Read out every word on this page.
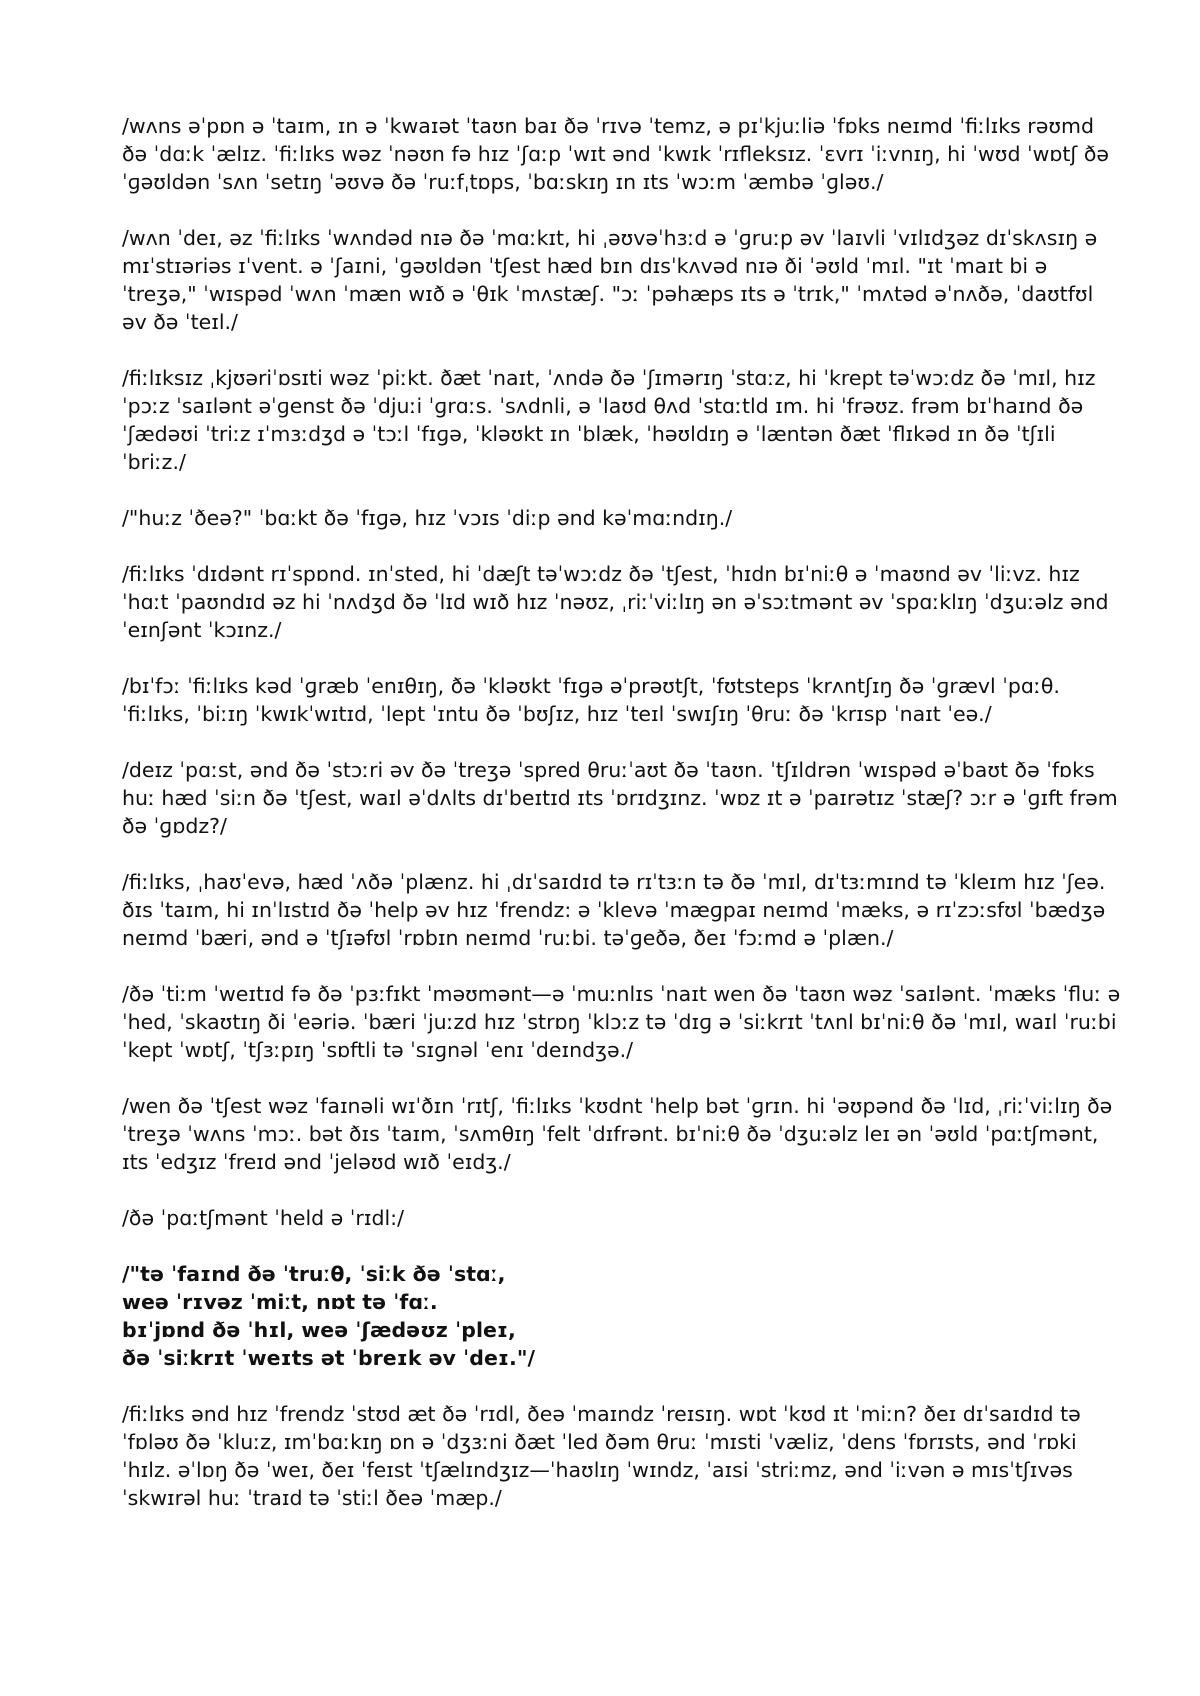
/wʌns əˈpɒn ə ˈtaɪm, ɪn ə ˈkwaɪət ˈtaʊn baɪ ðə ˈrɪvə ˈtemz, ə pɪˈkjuːliə ˈfɒks neɪmd ˈfiːlɪks rəʊmd ðə ˈdɑːk ˈælɪz. ˈfiːlɪks wəz ˈnəʊn fə hɪz ˈʃɑːp ˈwɪt ənd ˈkwɪk ˈrɪfleksɪz. ˈɛvrɪ ˈiːvnɪŋ, hi ˈwʊd ˈwɒtʃ ðə ˈɡəʊldən ˈsʌn ˈsetɪŋ ˈəʊvə ðə ˈruːfˌtɒps, ˈbɑːskɪŋ ɪn ɪts ˈwɔːm ˈæmbə ˈɡləʊ./

/wʌn ˈdeɪ, əz ˈfiːlɪks ˈwʌndəd nɪə ðə ˈmɑːkɪt, hi ˌəʊvəˈhɜːd ə ˈɡruːp əv ˈlaɪvli ˈvɪlɪdʒəz dɪˈskʌsɪŋ ə mɪˈstɪəriəs ɪˈvent. ə ˈʃaɪni, ˈɡəʊldən ˈtʃest hæd bɪn dɪsˈkʌvəd nɪə ði ˈəʊld ˈmɪl. "ɪt ˈmaɪt bi ə ˈtreʒə," ˈwɪspəd ˈwʌn ˈmæn wɪð ə ˈθɪk ˈmʌstæʃ. "ɔː ˈpəhæps ɪts ə ˈtrɪk," ˈmʌtəd əˈnʌðə, ˈdaʊtfʊl əv ðə ˈteɪl./

/fiːlɪksɪz ˌkjʊəriˈɒsɪti wəz ˈpiːkt. ðæt ˈnaɪt, ˈʌndə ðə ˈʃɪmərɪŋ ˈstɑːz, hi ˈkrept təˈwɔːdz ðə ˈmɪl, hɪz ˈpɔːz ˈsaɪlənt əˈɡenst ðə ˈdjuːi ˈɡrɑːs. ˈsʌdnli, ə ˈlaʊd θʌd ˈstɑːtld ɪm. hi ˈfrəʊz. frəm bɪˈhaɪnd ðə ˈʃædəʊi ˈtriːz ɪˈmɜːdʒd ə ˈtɔːl ˈfɪɡə, ˈkləʊkt ɪn ˈblæk, ˈhəʊldɪŋ ə ˈlæntən ðæt ˈflɪkəd ɪn ðə ˈtʃɪli ˈbriːz./

/"huːz ˈðeə?" ˈbɑːkt ðə ˈfɪɡə, hɪz ˈvɔɪs ˈdiːp ənd kəˈmɑːndɪŋ./

/fiːlɪks ˈdɪdənt rɪˈspɒnd. ɪnˈsted, hi ˈdæʃt təˈwɔːdz ðə ˈtʃest, ˈhɪdn bɪˈniːθ ə ˈmaʊnd əv ˈliːvz. hɪz ˈhɑːt ˈpaʊndɪd əz hi ˈnʌdʒd ðə ˈlɪd wɪð hɪz ˈnəʊz, ˌriːˈviːlɪŋ ən əˈsɔːtmənt əv ˈspɑːklɪŋ ˈdʒuːəlz ənd ˈeɪnʃənt ˈkɔɪnz./

/bɪˈfɔː ˈfiːlɪks kəd ˈɡræb ˈenɪθɪŋ, ðə ˈkləʊkt ˈfɪɡə əˈprəʊtʃt, ˈfʊtsteps ˈkrʌntʃɪŋ ðə ˈɡrævl ˈpɑːθ. ˈfiːlɪks, ˈbiːɪŋ ˈkwɪkˈwɪtɪd, ˈlept ˈɪntu ðə ˈbʊʃɪz, hɪz ˈteɪl ˈswɪʃɪŋ ˈθruː ðə ˈkrɪsp ˈnaɪt ˈeə./

/deɪz ˈpɑːst, ənd ðə ˈstɔːri əv ðə ˈtreʒə ˈspred θruːˈaʊt ðə ˈtaʊn. ˈtʃɪldrən ˈwɪspəd əˈbaʊt ðə ˈfɒks huː hæd ˈsiːn ðə ˈtʃest, waɪl əˈdʌlts dɪˈbeɪtɪd ɪts ˈɒrɪdʒɪnz. ˈwɒz ɪt ə ˈpaɪrətɪz ˈstæʃ? ɔːr ə ˈɡɪft frəm ðə ˈɡɒdz?/

/fiːlɪks, ˌhaʊˈevə, hæd ˈʌðə ˈplænz. hi ˌdɪˈsaɪdɪd tə rɪˈtɜːn tə ðə ˈmɪl, dɪˈtɜːmɪnd tə ˈkleɪm hɪz ˈʃeə. ðɪs ˈtaɪm, hi ɪnˈlɪstɪd ðə ˈhelp əv hɪz ˈfrendz: ə ˈklevə ˈmæɡpaɪ neɪmd ˈmæks, ə rɪˈzɔːsfʊl ˈbædʒə neɪmd ˈbæri, ənd ə ˈtʃɪəfʊl ˈrɒbɪn neɪmd ˈruːbi. təˈɡeðə, ðeɪ ˈfɔːmd ə ˈplæn./

/ðə ˈtiːm ˈweɪtɪd fə ðə ˈpɜːfɪkt ˈməʊmənt—ə ˈmuːnlɪs ˈnaɪt wen ðə ˈtaʊn wəz ˈsaɪlənt. ˈmæks ˈfluː əˈhed, ˈskaʊtɪŋ ði ˈeəriə. ˈbæri ˈjuːzd hɪz ˈstrɒŋ ˈklɔːz tə ˈdɪɡ ə ˈsiːkrɪt ˈtʌnl bɪˈniːθ ðə ˈmɪl, waɪl ˈruːbi ˈkept ˈwɒtʃ, ˈtʃɜːpɪŋ ˈsɒftli tə ˈsɪɡnəl ˈenɪ ˈdeɪndʒə./

/wen ðə ˈtʃest wəz ˈfaɪnəli wɪˈðɪn ˈrɪtʃ, ˈfiːlɪks ˈkʊdnt ˈhelp bət ˈɡrɪn. hi ˈəʊpənd ðə ˈlɪd, ˌriːˈviːlɪŋ ðə ˈtreʒə ˈwʌns ˈmɔː. bət ðɪs ˈtaɪm, ˈsʌmθɪŋ ˈfelt ˈdɪfrənt. bɪˈniːθ ðə ˈdʒuːəlz leɪ ən ˈəʊld ˈpɑːtʃmənt, ɪts ˈedʒɪz ˈfreɪd ənd ˈjeləʊd wɪð ˈeɪdʒ./

/ðə ˈpɑːtʃmənt ˈheld ə ˈrɪdl:/

/"tə ˈfaɪnd ðə ˈtruːθ, ˈsiːk ðə ˈstɑː,
weə ˈrɪvəz ˈmiːt, nɒt tə ˈfɑː.
bɪˈjɒnd ðə ˈhɪl, weə ˈʃædəʊz ˈpleɪ,
ðə ˈsiːkrɪt ˈweɪts ət ˈbreɪk əv ˈdeɪ."/

/fiːlɪks ənd hɪz ˈfrendz ˈstʊd æt ðə ˈrɪdl, ðeə ˈmaɪndz ˈreɪsɪŋ. wɒt ˈkʊd ɪt ˈmiːn? ðeɪ dɪˈsaɪdɪd tə ˈfɒləʊ ðə ˈkluːz, ɪmˈbɑːkɪŋ ɒn ə ˈdʒɜːni ðæt ˈled ðəm θruː ˈmɪsti ˈvæliz, ˈdens ˈfɒrɪsts, ənd ˈrɒki ˈhɪlz. əˈlɒŋ ðə ˈweɪ, ðeɪ ˈfeɪst ˈtʃælɪndʒɪz—ˈhaʊlɪŋ ˈwɪndz, ˈaɪsi ˈstriːmz, ənd ˈiːvən ə mɪsˈtʃɪvəs ˈskwɪrəl huː ˈtraɪd tə ˈstiːl ðeə ˈmæp./
